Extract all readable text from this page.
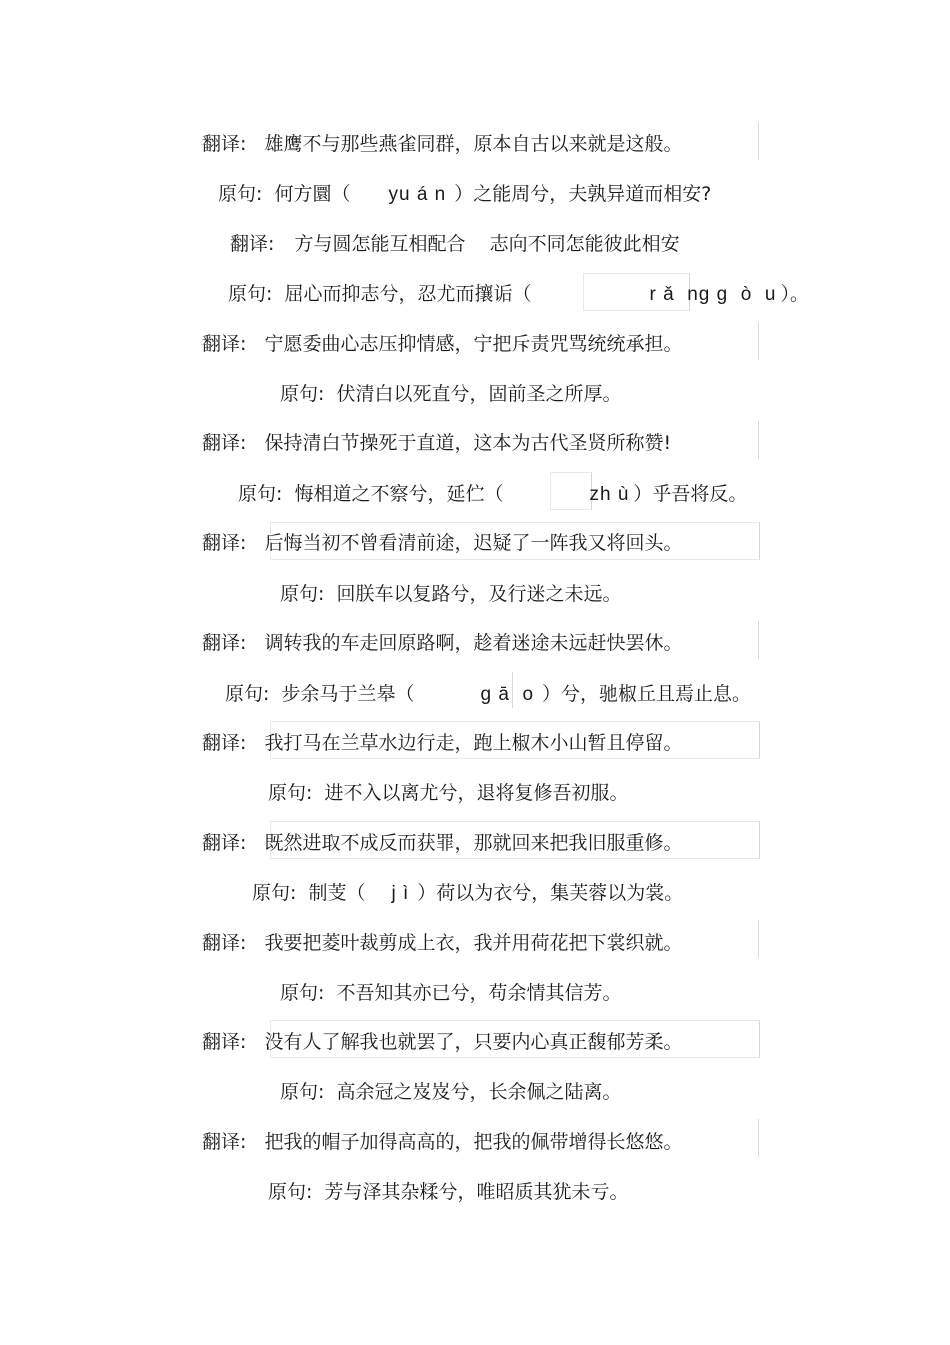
翻译: 雄鹰不与那些燕雀同群，原本自古以来就是这般。
原句: 何方圜（ yu á n ）之能周兮，夫孰异道而相安?
翻译: 方与圆怎能互相配合    志向不同怎能彼此相安
原句: 屈心而抑志兮，忍尤而攘诟（	r ǎ  ng g  ò  u ）。
翻译: 宁愿委曲心志压抑情感，宁把斥责咒骂统统承担。
原句: 伏清白以死直兮，固前圣之所厚。
翻译: 保持清白节操死于直道，这本为古代圣贤所称赞!
原句: 悔相道之不察兮，延伫（	zh ù ）乎吾将反。
翻译: 后悔当初不曾看清前途，迟疑了一阵我又将回头。
原句: 回朕车以复路兮，及行迷之未远。
翻译: 调转我的车走回原路啊，趁着迷途未远赶快罢休。
原句: 步余马于兰皋（	g ā  o ）兮，驰椒丘且焉止息。
翻译: 我打马在兰草水边行走，跑上椒木小山暂且停留。
原句: 进不入以离尤兮，退将复修吾初服。
翻译: 既然进取不成反而获罪，那就回来把我旧服重修。
原句: 制芰（ j ì ）荷以为衣兮，集芙蓉以为裳。
翻译: 我要把菱叶裁剪成上衣，我并用荷花把下裳织就。
原句: 不吾知其亦已兮，苟余情其信芳。
翻译: 没有人了解我也就罢了，只要内心真正馥郁芳柔。
原句: 高余冠之岌岌兮，长余佩之陆离。
翻译: 把我的帽子加得高高的，把我的佩带增得长悠悠。
原句: 芳与泽其杂糅兮，唯昭质其犹未亏。
